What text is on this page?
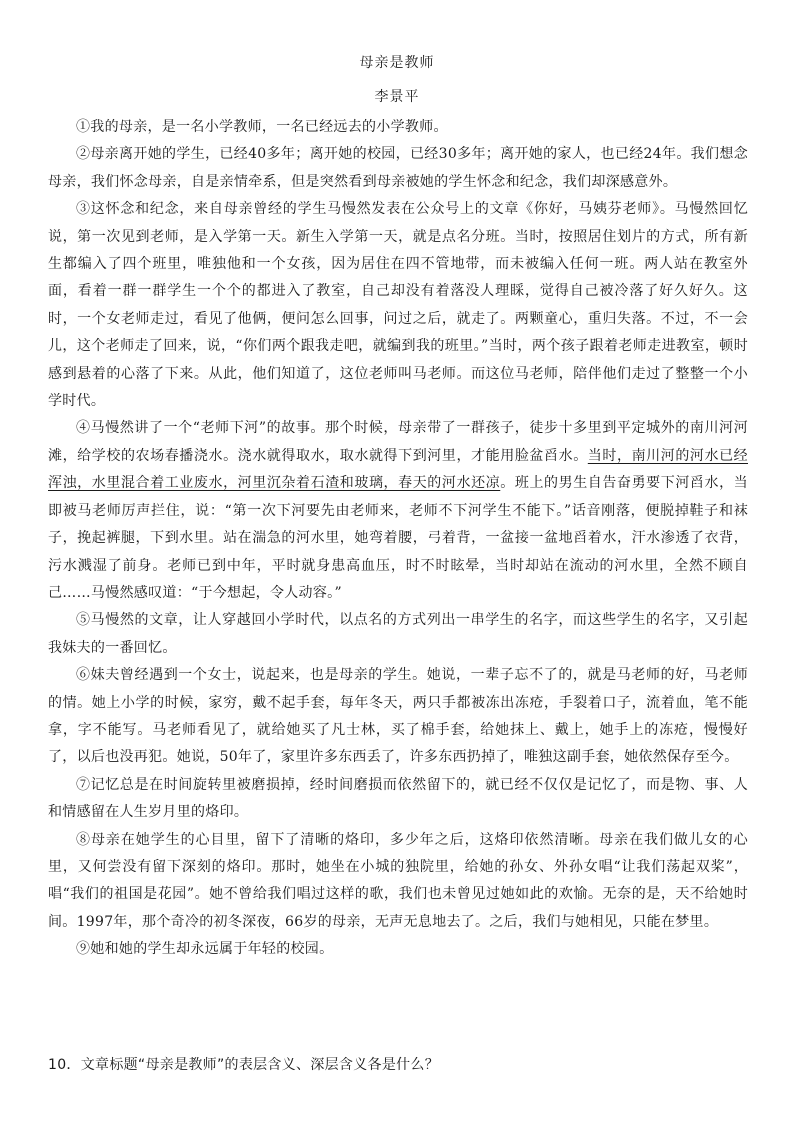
母亲是教师
李景平

①我的母亲，是一名小学教师，一名已经远去的小学教师。

②母亲离开她的学生，已经40多年；离开她的校园，已经30多年；离开她的家人，也已经24年。我们想念母亲，我们怀念母亲，自是亲情牵系，但是突然看到母亲被她的学生怀念和纪念，我们却深感意外。

③这怀念和纪念，来自母亲曾经的学生马慢然发表在公众号上的文章《你好，马姨芬老师》。马慢然回忆说，第一次见到老师，是入学第一天。新生入学第一天，就是点名分班。当时，按照居住划片的方式，所有新生都编入了四个班里，唯独他和一个女孩，因为居住在四不管地带，而未被编入任何一班。两人站在教室外面，看着一群一群学生一个个的都进入了教室，自己却没有着落没人理睬，觉得自己被冷落了好久好久。这时，一个女老师走过，看见了他俩，便问怎么回事，问过之后，就走了。两颗童心，重归失落。不过，不一会儿，这个老师走了回来，说，“你们两个跟我走吧，就编到我的班里。”当时，两个孩子跟着老师走进教室，顿时感到悬着的心落了下来。从此，他们知道了，这位老师叫马老师。而这位马老师，陪伴他们走过了整整一个小学时代。

④马慢然讲了一个“老师下河”的故事。那个时候，母亲带了一群孩子，徒步十多里到平定城外的南川河河滩，给学校的农场春播浇水。浇水就得取水，取水就得下到河里，才能用脸盆舀水。当时，南川河的河水已经浑浊，水里混合着工业废水，河里沉杂着石渣和玻璃，春天的河水还凉。班上的男生自告奋勇要下河舀水，当即被马老师厉声拦住，说：“第一次下河要先由老师来，老师不下河学生不能下。”话音刚落，便脱掉鞋子和袜子，挽起裤腿，下到水里。站在湍急的河水里，她弯着腰，弓着背，一盆接一盆地舀着水，汗水渗透了衣背，污水溅湿了前身。老师已到中年，平时就身患高血压，时不时眩晕，当时却站在流动的河水里，全然不顾自己……马慢然感叹道：“于今想起，令人动容。”

⑤马慢然的文章，让人穿越回小学时代，以点名的方式列出一串学生的名字，而这些学生的名字，又引起我妹夫的一番回忆。

⑥妹夫曾经遇到一个女士，说起来，也是母亲的学生。她说，一辈子忘不了的，就是马老师的好，马老师的情。她上小学的时候，家穷，戴不起手套，每年冬天，两只手都被冻出冻疮，手裂着口子，流着血，笔不能拿，字不能写。马老师看见了，就给她买了凡士林，买了棉手套，给她抹上、戴上，她手上的冻疮，慢慢好了，以后也没再犯。她说，50年了，家里许多东西丢了，许多东西扔掉了，唯独这副手套，她依然保存至今。

⑦记忆总是在时间旋转里被磨损掉，经时间磨损而依然留下的，就已经不仅仅是记忆了，而是物、事、人和情感留在人生岁月里的烙印。

⑧母亲在她学生的心目里，留下了清晰的烙印，多少年之后，这烙印依然清晰。母亲在我们做儿女的心里，又何尝没有留下深刻的烙印。那时，她坐在小城的独院里，给她的孙女、外孙女唱“让我们荡起双桨”，唱“我们的祖国是花园”。她不曾给我们唱过这样的歌，我们也未曾见过她如此的欢愉。无奈的是，天不给她时间。1997年，那个奇冷的初冬深夜，66岁的母亲，无声无息地去了。之后，我们与她相见，只能在梦里。

⑨她和她的学生却永远属于年轻的校园。

10．文章标题“母亲是教师”的表层含义、深层含义各是什么？
